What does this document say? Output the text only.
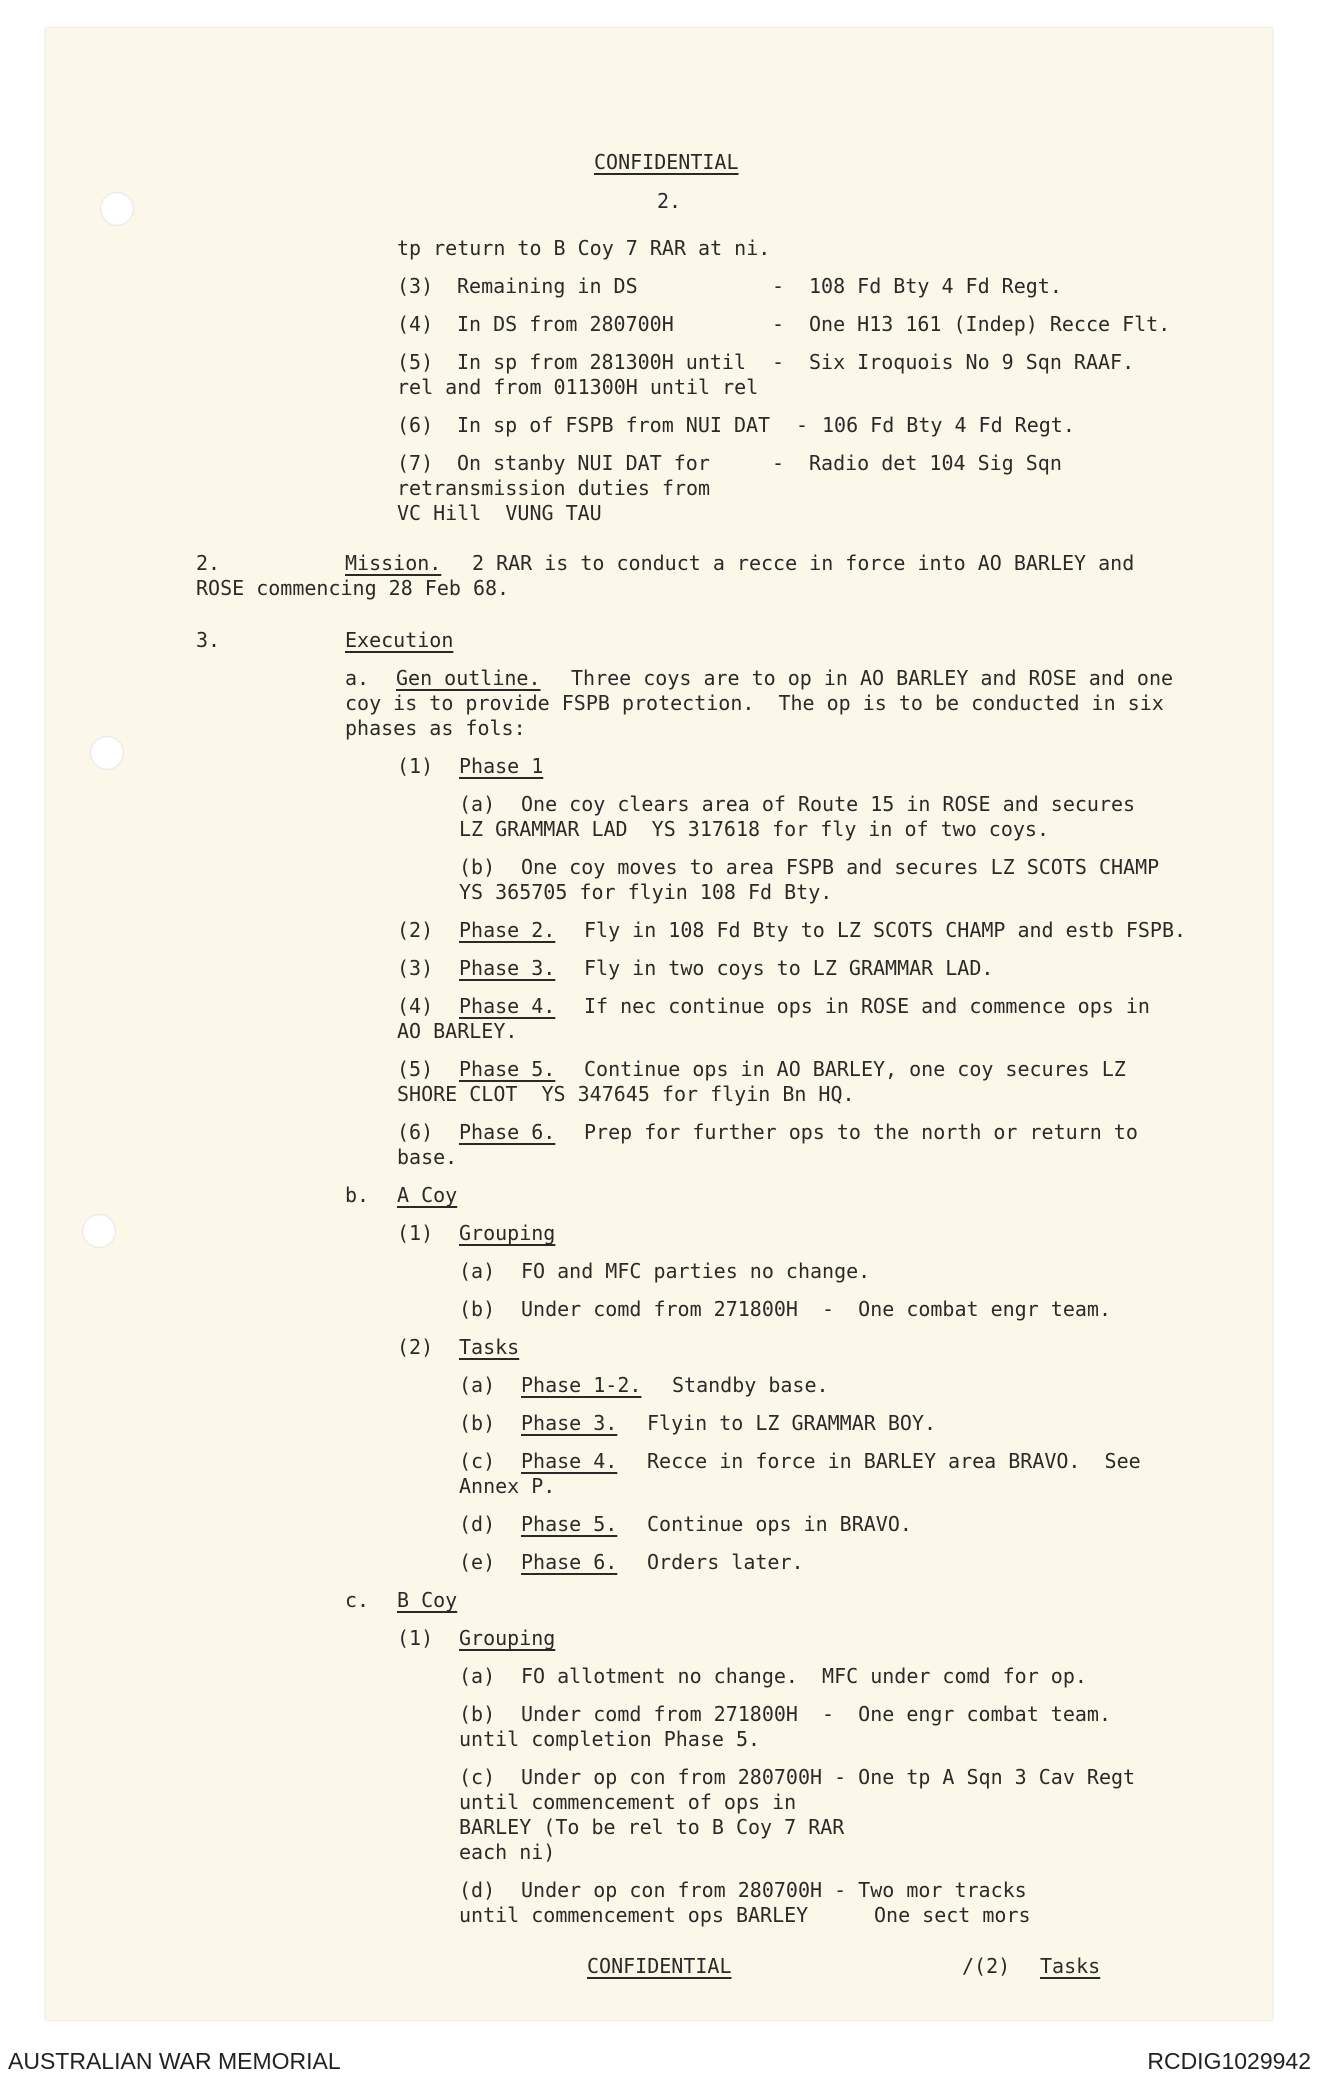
CONFIDENTIAL
2.
tp return to B Coy 7 RAR at ni.
(3) Remaining in DS	- 108 Fd Bty 4 Fd Regt.
(4) In DS from 280700H	- One H13 161 (Indep) Recce Flt.
(5) In sp from 281300H until - Six Iroquois No 9 Sqn RAAF.
rel and from 011300H until rel
(6) In sp of FSPB from NUI DAT - 106 Fd Bty 4 Fd Regt.
(7) On stanby NUI DAT for	- Radio det 104 Sig Sqn
retransmission duties from
VC Hill  VUNG TAU
2.	Mission. 2 RAR is to conduct a recce in force into AO BARLEY and
ROSE commencing 28 Feb 68.
3.	Execution
a. Gen outline. Three coys are to op in AO BARLEY and ROSE and one
coy is to provide FSPB protection.  The op is to be conducted in six
phases as fols:
(1) Phase 1
(a) One coy clears area of Route 15 in ROSE and secures
LZ GRAMMAR LAD  YS 317618 for fly in of two coys.
(b) One coy moves to area FSPB and secures LZ SCOTS CHAMP
YS 365705 for flyin 108 Fd Bty.
(2) Phase 2. Fly in 108 Fd Bty to LZ SCOTS CHAMP and estb FSPB.
(3) Phase 3. Fly in two coys to LZ GRAMMAR LAD.
(4) Phase 4. If nec continue ops in ROSE and commence ops in
AO BARLEY.
(5) Phase 5. Continue ops in AO BARLEY, one coy secures LZ
SHORE CLOT  YS 347645 for flyin Bn HQ.
(6) Phase 6. Prep for further ops to the north or return to
base.
b. A Coy
(1) Grouping
(a) FO and MFC parties no change.
(b) Under comd from 271800H  -  One combat engr team.
(2) Tasks
(a) Phase 1-2. Standby base.
(b) Phase 3. Flyin to LZ GRAMMAR BOY.
(c) Phase 4. Recce in force in BARLEY area BRAVO.  See
Annex P.
(d) Phase 5. Continue ops in BRAVO.
(e) Phase 6. Orders later.
c. B Coy
(1) Grouping
(a) FO allotment no change.  MFC under comd for op.
(b) Under comd from 271800H  -  One engr combat team.
until completion Phase 5.
(c) Under op con from 280700H - One tp A Sqn 3 Cav Regt
until commencement of ops in
BARLEY (To be rel to B Coy 7 RAR
each ni)
(d) Under op con from 280700H - Two mor tracks
until commencement ops BARLEY	One sect mors
CONFIDENTIAL	/(2) Tasks
AUSTRALIAN WAR MEMORIAL	RCDIG1029942
